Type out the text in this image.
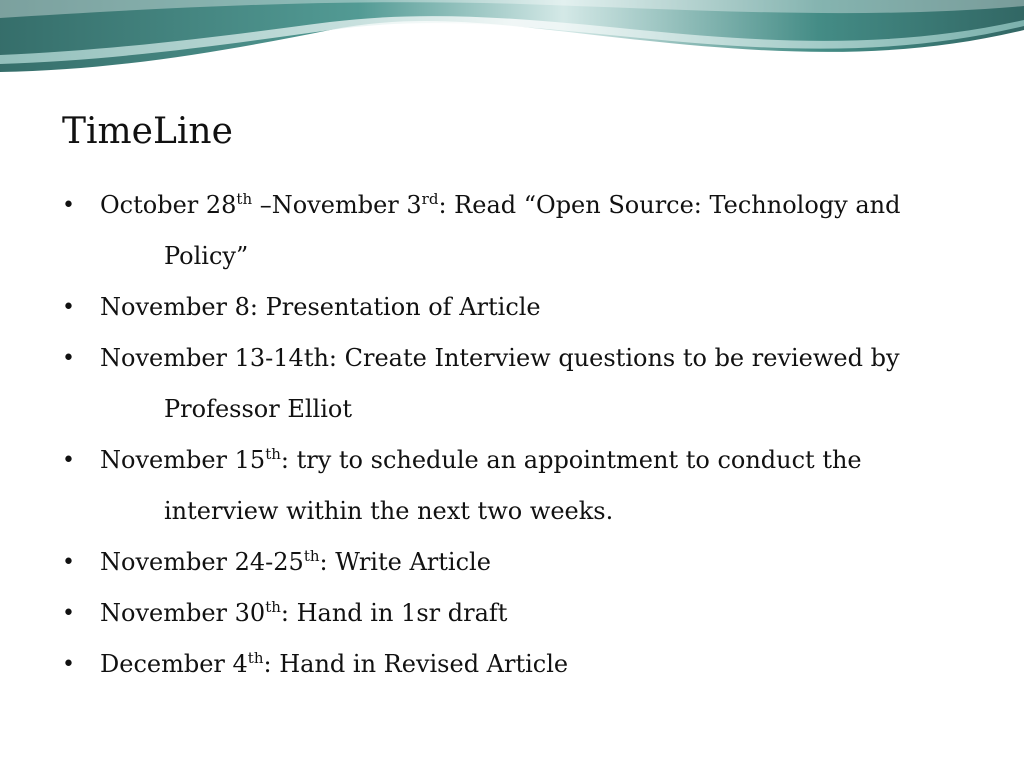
TimeLine
• October 28th –November 3rd: Read “Open Source: Technology and
Policy”
• November 8: Presentation of Article
• November 13-14th: Create Interview questions to be reviewed by
Professor Elliot
• November 15th: try to schedule an appointment to conduct the
interview within the next two weeks.
• November 24-25th: Write Article
• November 30th: Hand in 1sr draft
• December 4th: Hand in Revised Article
